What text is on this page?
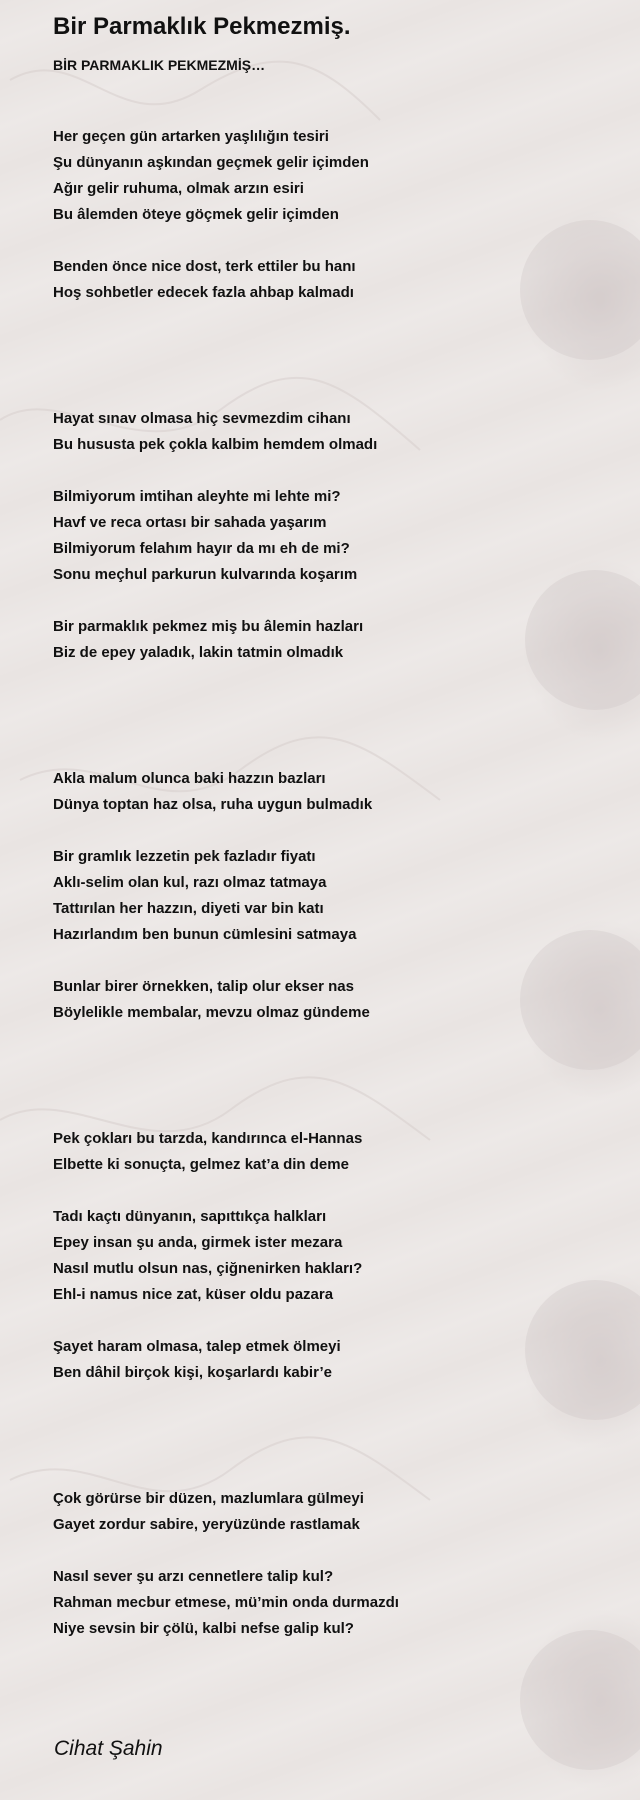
Bir Parmaklık Pekmezmiş.
BİR PARMAKLIK PEKMEZMİŞ…
Her geçen gün artarken yaşlılığın tesiri
Şu dünyanın aşkından geçmek gelir içimden
Ağır gelir ruhuma, olmak arzın esiri
Bu âlemden öteye göçmek gelir içimden
Benden önce nice dost, terk ettiler bu hanı
Hoş sohbetler edecek fazla ahbap kalmadı
Hayat sınav olmasa hiç sevmezdim cihanı
Bu hususta pek çokla kalbim hemdem olmadı
Bilmiyorum imtihan aleyhte mi lehte mi?
Havf ve reca ortası bir sahada yaşarım
Bilmiyorum felahım hayır da mı eh de mi?
Sonu meçhul parkurun kulvarında koşarım
Bir parmaklık pekmez miş bu âlemin hazları
Biz de epey yaladık, lakin tatmin olmadık
Akla malum olunca baki hazzın bazları
Dünya toptan haz olsa, ruha uygun bulmadık
Bir gramlık lezzetin pek fazladır fiyatı
Aklı-selim olan kul, razı olmaz tatmaya
Tattırılan her hazzın, diyeti var bin katı
Hazırlandım ben bunun cümlesini satmaya
Bunlar birer örnekken, talip olur ekser nas
Böylelikle membalar, mevzu olmaz gündeme
Pek çokları bu tarzda, kandırınca el-Hannas
Elbette ki sonuçta, gelmez kat’a din deme
Tadı kaçtı dünyanın, sapıttıkça halkları
Epey insan şu anda, girmek ister mezara
Nasıl mutlu olsun nas, çiğnenirken hakları?
Ehl-i namus nice zat, küser oldu pazara
Şayet haram olmasa, talep etmek ölmeyi
Ben dâhil birçok kişi, koşarlardı kabir’e
Çok görürse bir düzen, mazlumlara gülmeyi
Gayet zordur sabire, yeryüzünde rastlamak
Nasıl sever şu arzı cennetlere talip kul?
Rahman mecbur etmese, mü’min onda durmazdı
Niye sevsin bir çölü, kalbi nefse galip kul?
Cihat Şahin
